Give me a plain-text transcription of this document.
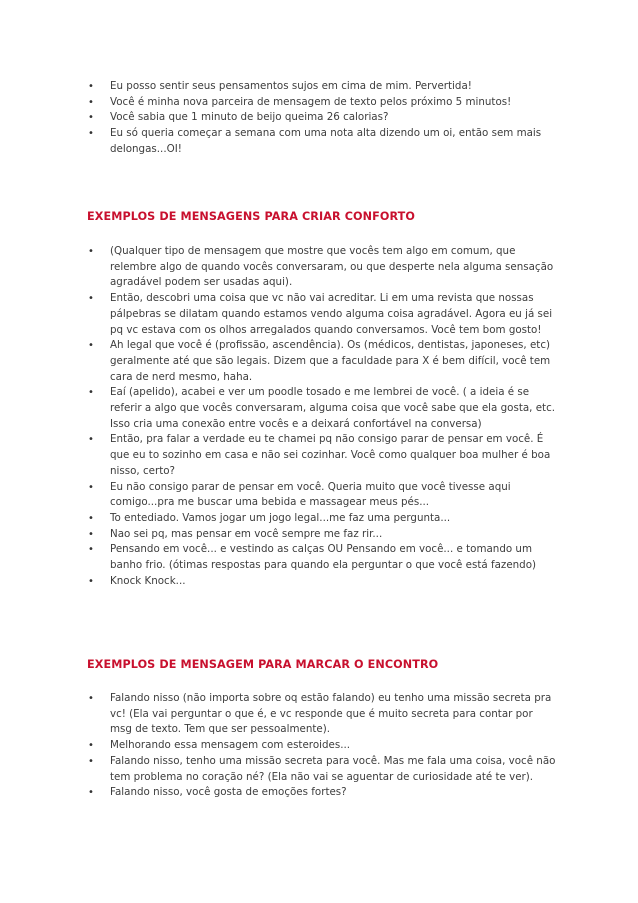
• Eu posso sentir seus pensamentos sujos em cima de mim. Pervertida!
• Você é minha nova parceira de mensagem de texto pelos próximo 5 minutos!
• Você sabia que 1 minuto de beijo queima 26 calorias?
• Eu só queria começar a semana com uma nota alta dizendo um oi, então sem mais delongas...OI!
EXEMPLOS DE MENSAGENS PARA CRIAR CONFORTO
• (Qualquer tipo de mensagem que mostre que vocês tem algo em comum, que relembre algo de quando vocês conversaram, ou que desperte nela alguma sensação agradável podem ser usadas aqui).
• Então, descobri uma coisa que vc não vai acreditar. Li em uma revista que nossas pálpebras se dilatam quando estamos vendo alguma coisa agradável. Agora eu já sei pq vc estava com os olhos arregalados quando conversamos. Você tem bom gosto!
• Ah legal que você é (profissão, ascendência). Os (médicos, dentistas, japoneses, etc) geralmente até que são legais. Dizem que a faculdade para X é bem difícil, você tem cara de nerd mesmo, haha.
• Eaí (apelido), acabei e ver um poodle tosado e me lembrei de você. ( a ideia é se referir a algo que vocês conversaram, alguma coisa que você sabe que ela gosta, etc. Isso cria uma conexão entre vocês e a deixará confortável na conversa)
• Então, pra falar a verdade eu te chamei pq não consigo parar de pensar em você. É que eu to sozinho em casa e não sei cozinhar. Você como qualquer boa mulher é boa nisso, certo?
• Eu não consigo parar de pensar em você. Queria muito que você tivesse aqui comigo...pra me buscar uma bebida e massagear meus pés...
• To entediado. Vamos jogar um jogo legal...me faz uma pergunta...
• Nao sei pq, mas pensar em você sempre me faz rir...
• Pensando em você... e vestindo as calças OU Pensando em você... e tomando um banho frio. (ótimas respostas para quando ela perguntar o que você está fazendo)
• Knock Knock...
EXEMPLOS DE MENSAGEM PARA MARCAR O ENCONTRO
• Falando nisso (não importa sobre oq estão falando) eu tenho uma missão secreta pra vc! (Ela vai perguntar o que é, e vc responde que é muito secreta para contar por msg de texto. Tem que ser pessoalmente).
• Melhorando essa mensagem com esteroides...
• Falando nisso, tenho uma missão secreta para você. Mas me fala uma coisa, você não tem problema no coração né? (Ela não vai se aguentar de curiosidade até te ver).
• Falando nisso, você gosta de emoções fortes?
